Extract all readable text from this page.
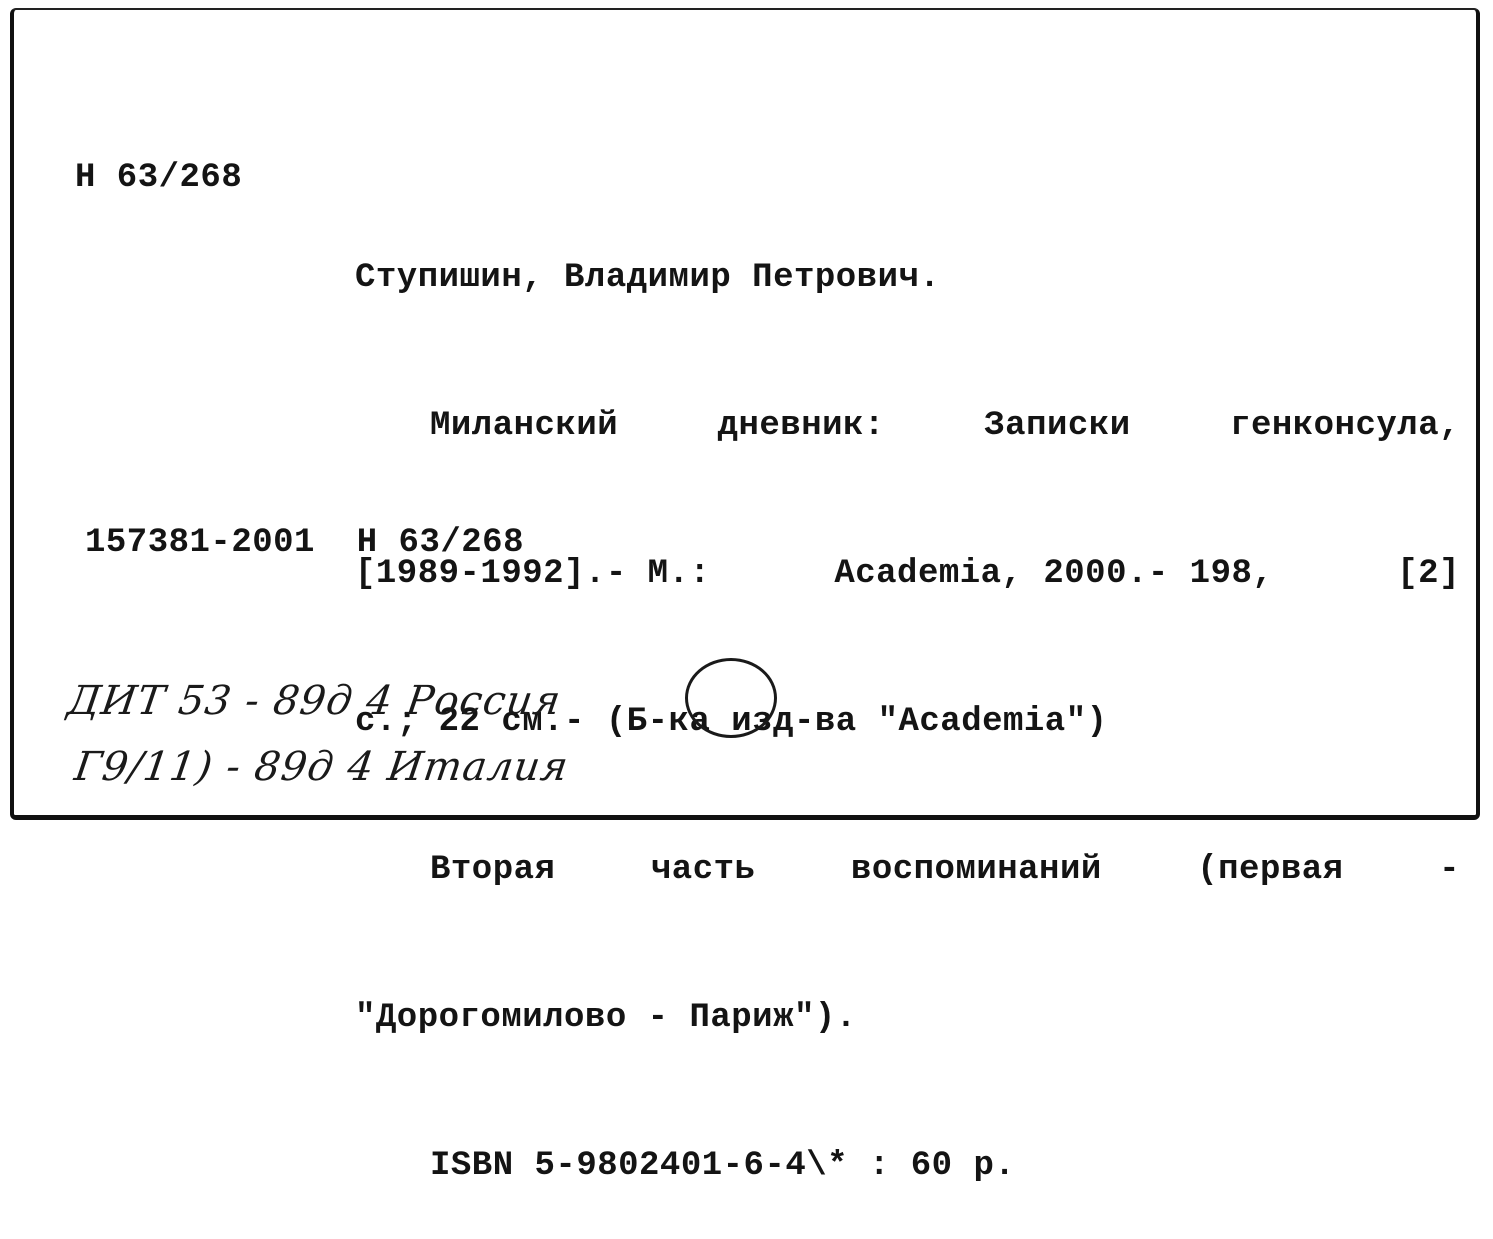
Н 63/268

Ступишин, Владимир Петрович.

Миланский	дневник:	Записки	генконсула,

[1989-1992].- М.:	Academia, 2000.- 198,	[2]

с.; 22 см.- (Б-ка изд-ва "Academia")

Вторая	часть	воспоминаний	(первая	-

"Дорогомилово - Париж").

ISBN 5-9802401-6-4\* : 60 р.

157381-2001  Н 63/268
ДИТ 53 - 89д 4 Россия
Г9/11) - 89д 4 Италия
